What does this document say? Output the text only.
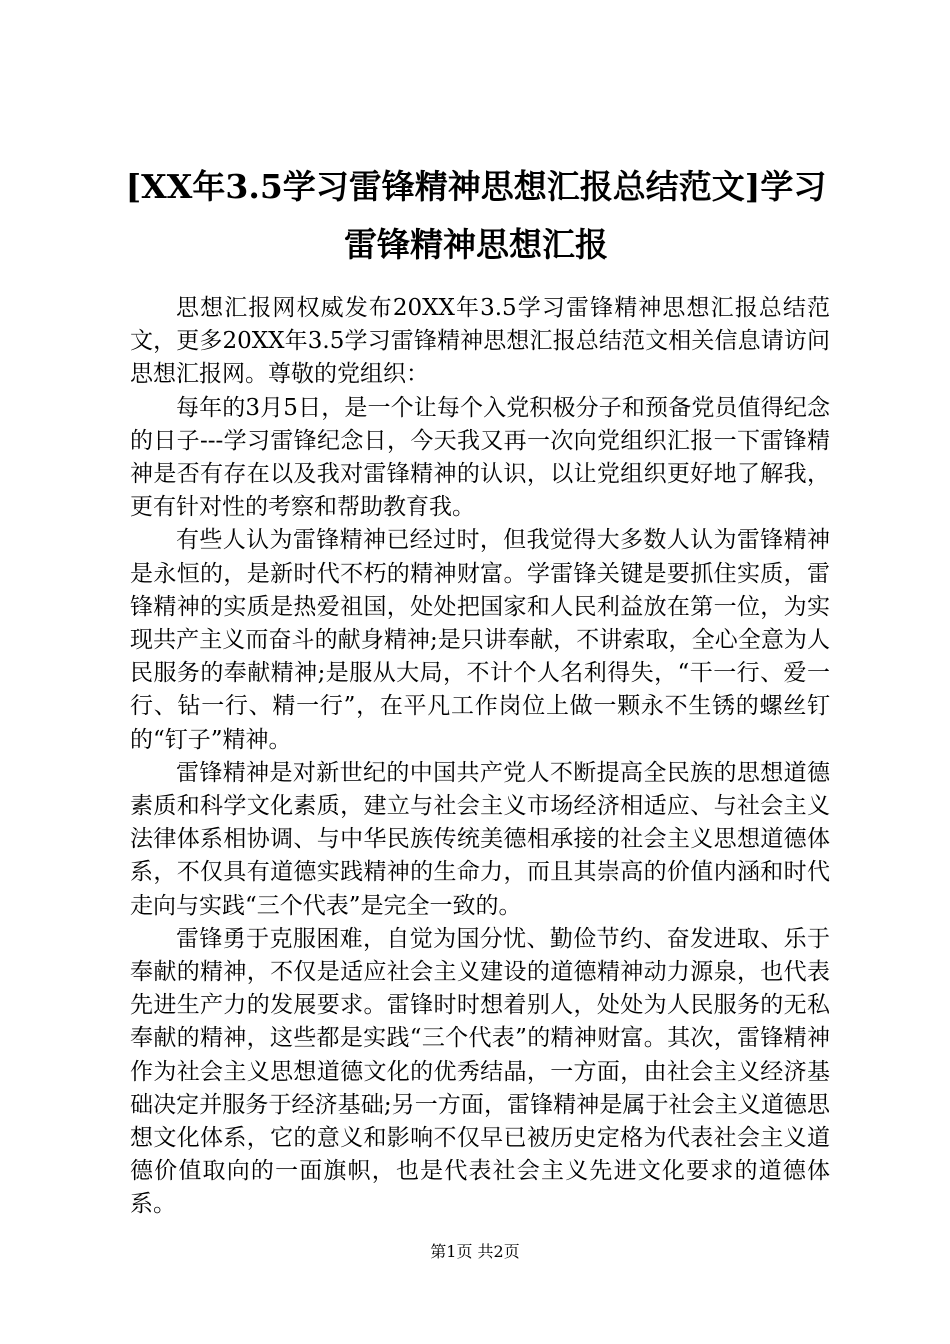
[XX年3.5学习雷锋精神思想汇报总结范文]学习雷锋精神思想汇报

思想汇报网权威发布20XX年3.5学习雷锋精神思想汇报总结范文，更多20XX年3.5学习雷锋精神思想汇报总结范文相关信息请访问思想汇报网。尊敬的党组织：

每年的3月5日，是一个让每个入党积极分子和预备党员值得纪念的日子---学习雷锋纪念日，今天我又再一次向党组织汇报一下雷锋精神是否有存在以及我对雷锋精神的认识，以让党组织更好地了解我，更有针对性的考察和帮助教育我。

有些人认为雷锋精神已经过时，但我觉得大多数人认为雷锋精神是永恒的，是新时代不朽的精神财富。学雷锋关键是要抓住实质，雷锋精神的实质是热爱祖国，处处把国家和人民利益放在第一位，为实现共产主义而奋斗的献身精神;是只讲奉献，不讲索取，全心全意为人民服务的奉献精神;是服从大局，不计个人名利得失，“干一行、爱一行、钻一行、精一行”，在平凡工作岗位上做一颗永不生锈的螺丝钉的“钉子”精神。

雷锋精神是对新世纪的中国共产党人不断提高全民族的思想道德素质和科学文化素质，建立与社会主义市场经济相适应、与社会主义法律体系相协调、与中华民族传统美德相承接的社会主义思想道德体系，不仅具有道德实践精神的生命力，而且其崇高的价值内涵和时代走向与实践“三个代表”是完全一致的。

雷锋勇于克服困难，自觉为国分忧、勤俭节约、奋发进取、乐于奉献的精神，不仅是适应社会主义建设的道德精神动力源泉，也代表先进生产力的发展要求。雷锋时时想着别人，处处为人民服务的无私奉献的精神，这些都是实践“三个代表”的精神财富。其次，雷锋精神作为社会主义思想道德文化的优秀结晶，一方面，由社会主义经济基础决定并服务于经济基础;另一方面，雷锋精神是属于社会主义道德思想文化体系，它的意义和影响不仅早已被历史定格为代表社会主义道德价值取向的一面旗帜，也是代表社会主义先进文化要求的道德体系。

第1页 共2页
